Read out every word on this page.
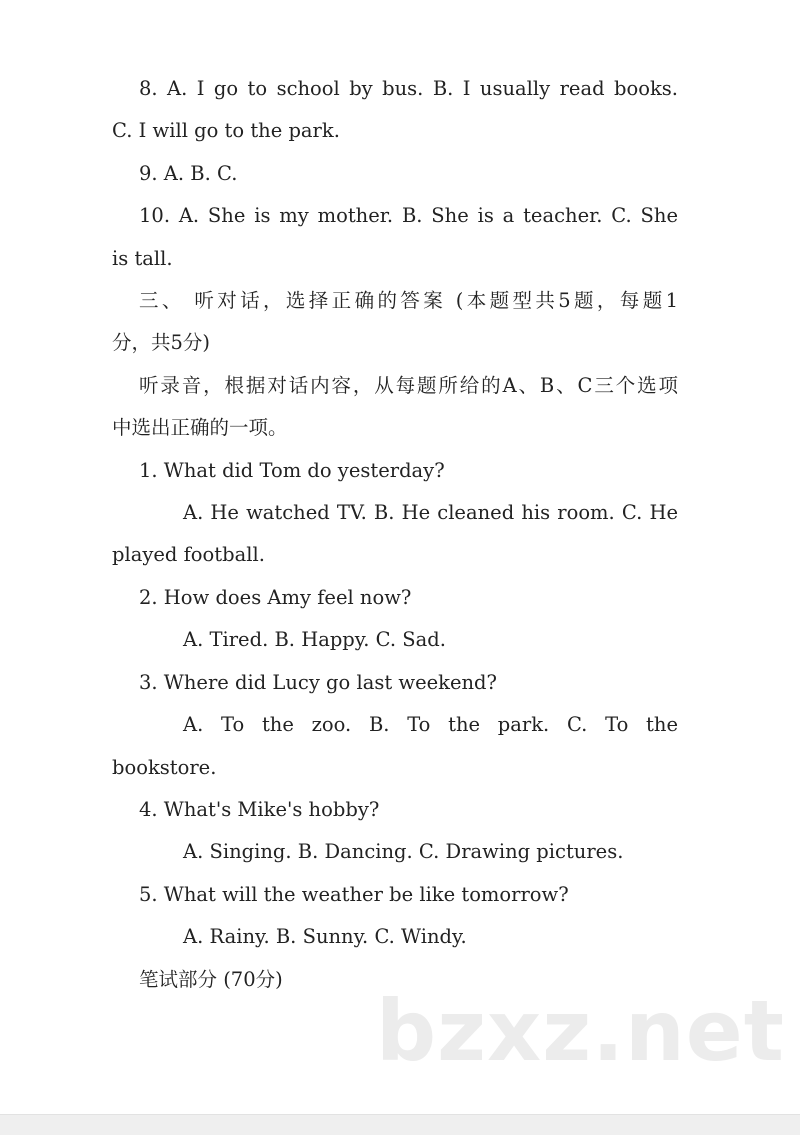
8. A. I go to school by bus. B. I usually read books.

C. I will go to the park.

9. A. B. C.

10. A. She is my mother. B. She is a teacher. C. She

is tall.

三、 听对话，选择正确的答案 (本题型共5题，每题1

分，共5分)

听录音，根据对话内容，从每题所给的A、B、C三个选项

中选出正确的一项。

1. What did Tom do yesterday?

A. He watched TV. B. He cleaned his room. C. He

played football.

2. How does Amy feel now?

A. Tired. B. Happy. C. Sad.

3. Where did Lucy go last weekend?

A. To the zoo. B. To the park. C. To the

bookstore.

4. What's Mike's hobby?

A. Singing. B. Dancing. C. Drawing pictures.

5. What will the weather be like tomorrow?

A. Rainy. B. Sunny. C. Windy.

笔试部分 (70分)

bzxz.net
